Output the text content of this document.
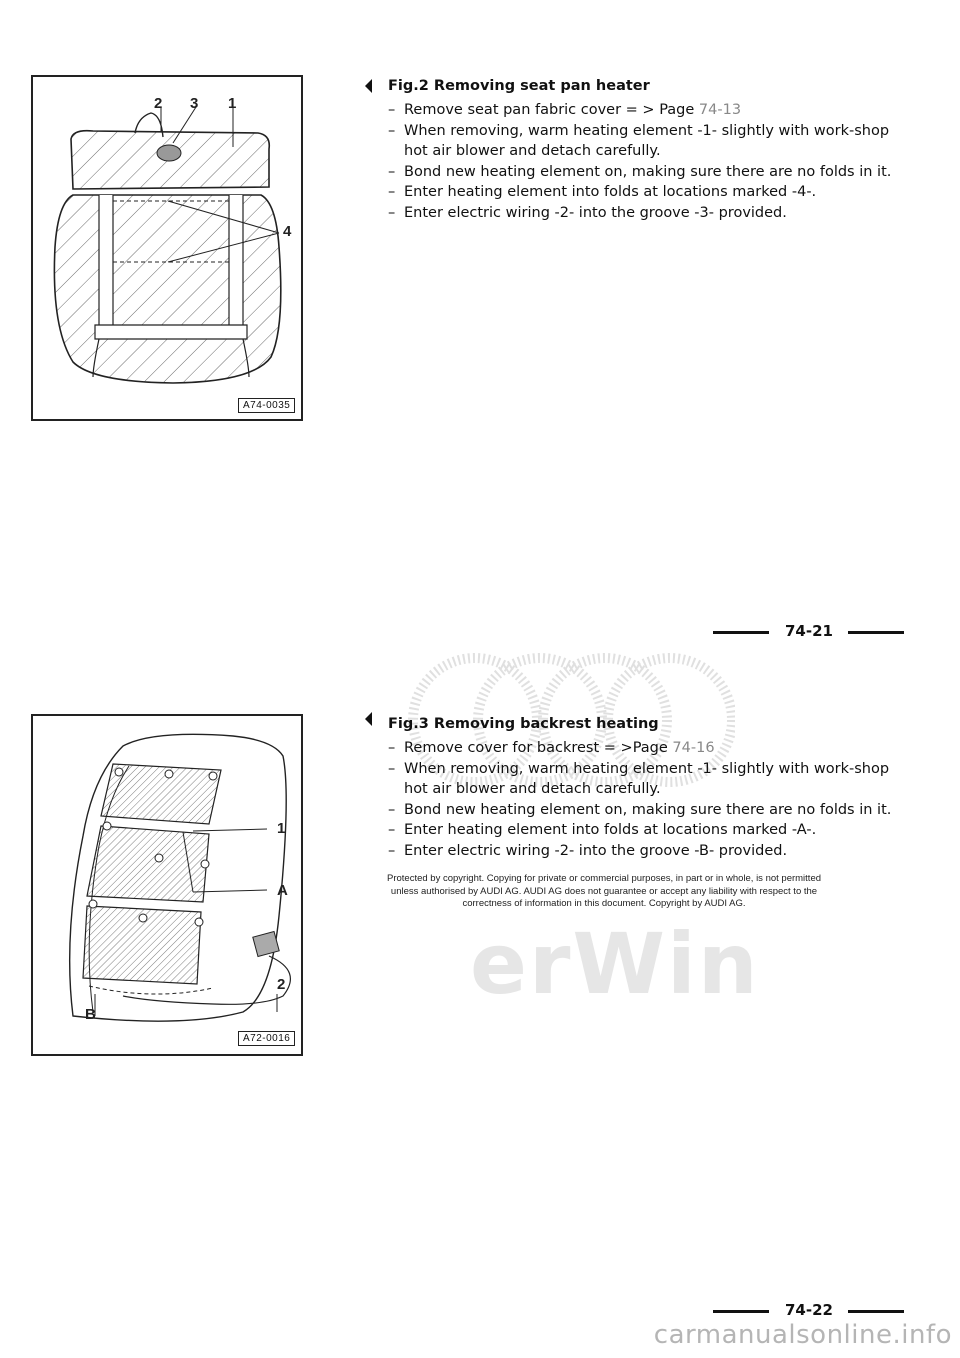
2 3 1
4
A74-0035
Fig.2 Removing seat pan heater
– Remove seat pan fabric cover = > Page 74-13
– When removing, warm heating element -1- slightly with work-shop hot air blower and detach carefully.
– Bond new heating element on, making sure there are no folds in it.
– Enter heating element into folds at locations marked -4-.
– Enter electric wiring -2- into the groove -3- provided.
74-21
1
A
2
B
A72-0016
Fig.3 Removing backrest heating
– Remove cover for backrest = >Page 74-16
– When removing, warm heating element -1- slightly with work-shop hot air blower and detach carefully.
– Bond new heating element on, making sure there are no folds in it.
– Enter heating element into folds at locations marked -A-.
– Enter electric wiring -2- into the groove -B- provided.
Protected by copyright. Copying for private or commercial purposes, in part or in whole, is not permitted unless authorised by AUDI AG. AUDI AG does not guarantee or accept any liability with respect to the correctness of information in this document. Copyright by AUDI AG.
erWin
74-22
carmanualsonline.info
